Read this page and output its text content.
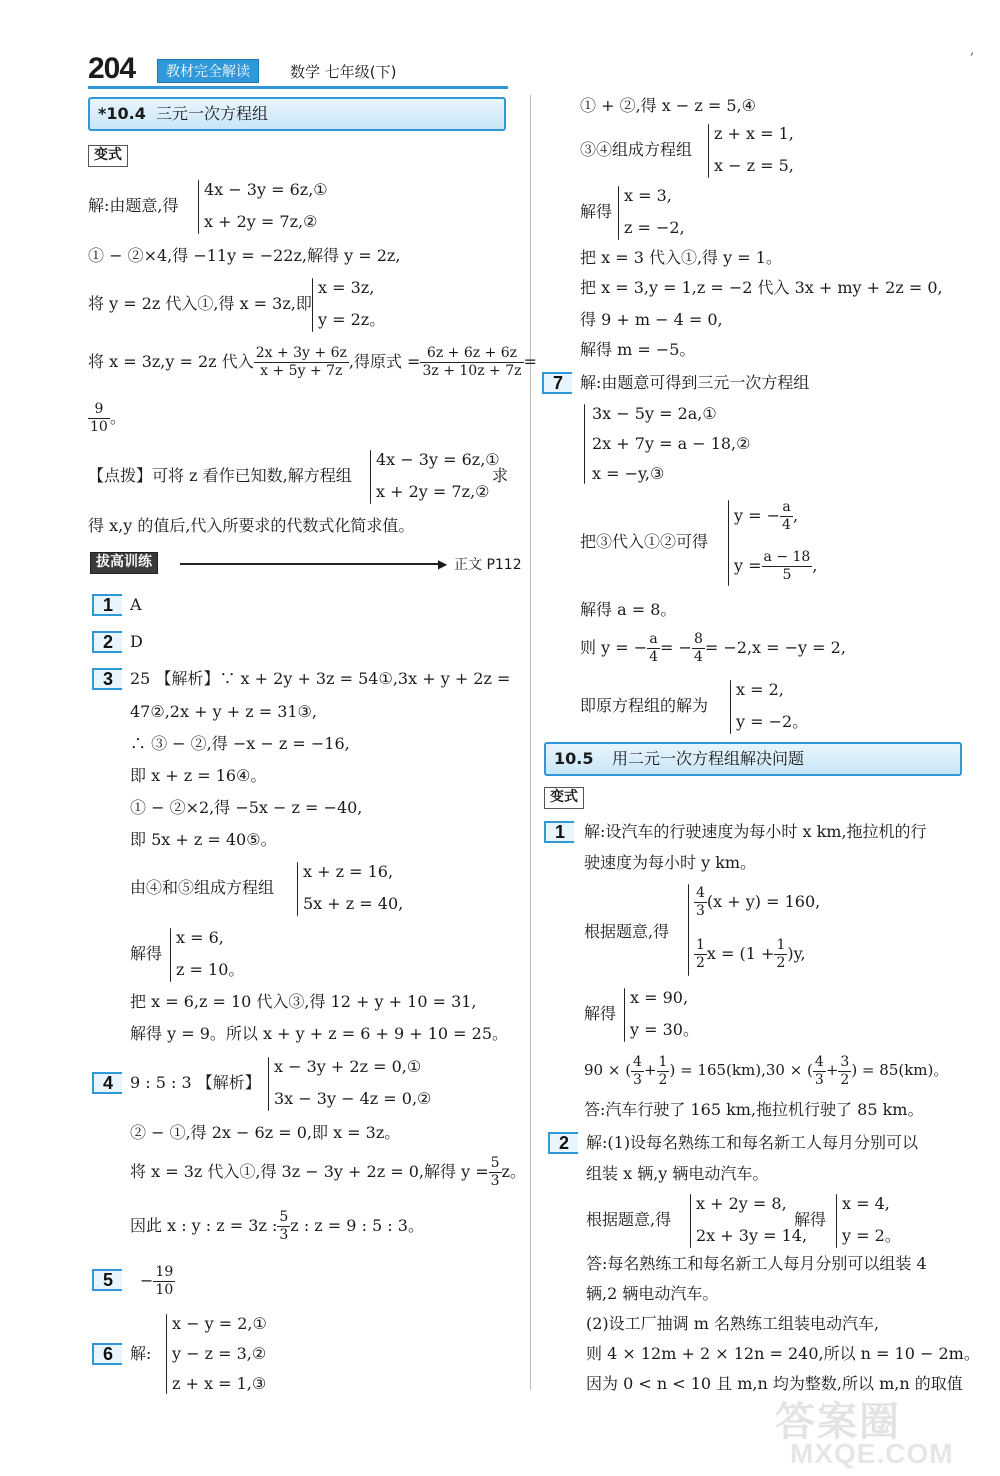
204	教材完全解读	数学 七年级(下)
,
*10.4 三元一次方程组
变式
解:由题意,得
4x − 3y = 6z,①
x + 2y = 7z,②
① − ②×4,得 −11y = −22z,解得 y = 2z,
将 y = 2z 代入①,得 x = 3z,即
x = 3z,
y = 2z。
将 x = 3z,y = 2z 代入 $\frac{2x + 3y + 6z}{x + 5y + 7z}$ ,得原式 = $\frac{6z + 6z + 6z}{3z + 10z + 7z}$ =
$\frac{9}{10}$ 。
【点拨】可将 z 看作已知数,解方程组
4x − 3y = 6z,①
x + 2y = 7z,②
求
得 x,y 的值后,代入所要求的代数式化简求值。
拔高训练	▶ 正文 P112
1	A
2	D
3	25 【解析】∵ x + 2y + 3z = 54①,3x + y + 2z =
47②,2x + y + z = 31③,
∴ ③ − ②,得 −x − z = −16,
即 x + z = 16④。
① − ②×2,得 −5x − z = −40,
即 5x + z = 40⑤。
由④和⑤组成方程组
x + z = 16,
5x + z = 40,
解得
x = 6,
z = 10。
把 x = 6,z = 10 代入③,得 12 + y + 10 = 31,
解得 y = 9。所以 x + y + z = 6 + 9 + 10 = 25。
4	9 : 5 : 3 【解析】
x − 3y + 2z = 0,①
3x − 3y − 4z = 0,②
② − ①,得 2x − 6z = 0,即 x = 3z。
将 x = 3z 代入①,得 3z − 3y + 2z = 0,解得 $y = \frac{5}{3}$ z。
因此 x : y : z = 3z : $\frac{5}{3}$ z : z = 9 : 5 : 3。
5	− $\frac{19}{10}$
6	解:
x − y = 2,①
y − z = 3,②
z + x = 1,③
① + ②,得 x − z = 5,④
③④组成方程组
z + x = 1,
x − z = 5,
解得
x = 3,
z = −2,
把 x = 3 代入①,得 y = 1。
把 x = 3,y = 1,z = −2 代入 3x + my + 2z = 0,
得 9 + m − 4 = 0,
解得 m = −5。
7	解:由题意可得到三元一次方程组
3x − 5y = 2a,①
2x + 7y = a − 18,②
x = −y,③
把③代入①②可得
y = − $\frac{a}{4}$ ,
$y = \frac{a - 18}{5}$ ,
解得 a = 8。
则 y = − $\frac{a}{4}$ = − $\frac{8}{4} = -2,x = -y = 2$,
即原方程组的解为
x = 2,
y = −2。
10.5 用二元一次方程组解决问题
变式
1	解:设汽车的行驶速度为每小时 x km,拖拉机的行
驶速度为每小时 y km。
根据题意,得
$\frac{4}{3} (x + y) = 160$,
$\frac{1}{2}$ $x = (1 + \frac{1}{2} )y$,
解得
x = 90,
y = 30。
90 × ( $\frac{4}{3} + \frac{1}{2}$ ) = 165(km),30 × ( $\frac{4}{3} + \frac{3}{2}$ ) = 85(km)。
答:汽车行驶了 165 km,拖拉机行驶了 85 km。
2	解:(1)设每名熟练工和每名新工人每月分别可以
组装 x 辆,y 辆电动汽车。
根据题意,得
x + 2y = 8,
2x + 3y = 14,
解得
x = 4,
y = 2。
答:每名熟练工和每名新工人每月分别可以组装 4
辆,2 辆电动汽车。
(2)设工厂抽调 m 名熟练工组装电动汽车,
则 4 × 12m + 2 × 12n = 240,所以 n = 10 − 2m。
因为 0 < n < 10 且 m,n 均为整数,所以 m,n 的取值
答案圈
MXQE.COM
